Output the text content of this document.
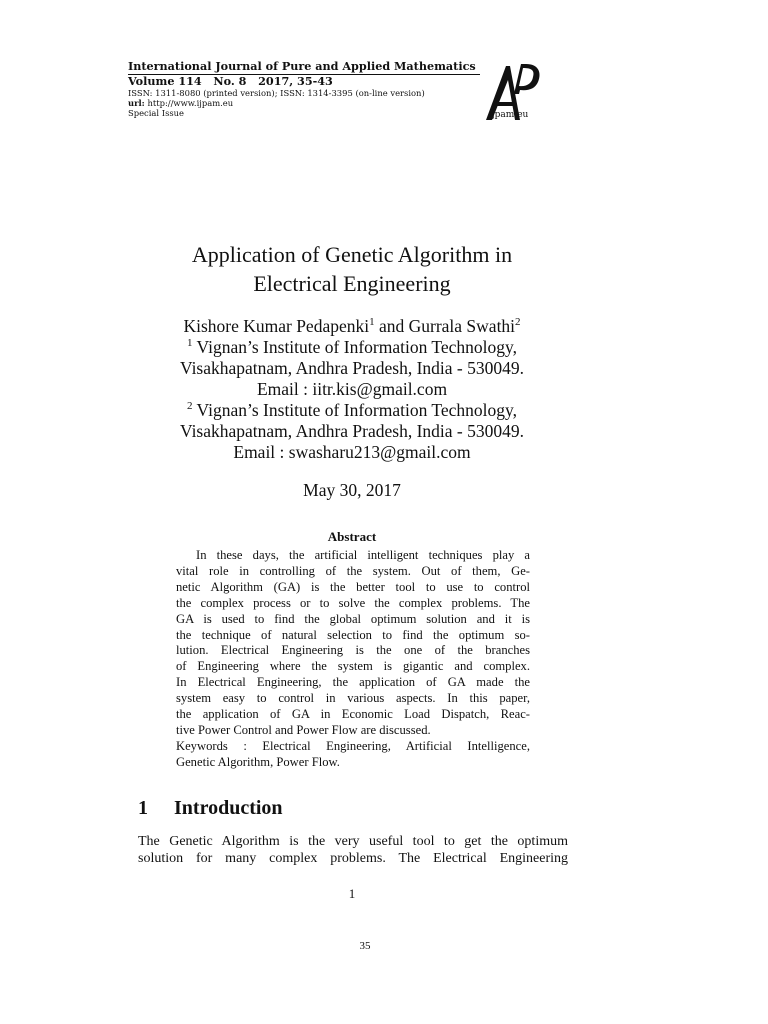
International Journal of Pure and Applied Mathematics
Volume 114   No. 8   2017, 35-43
ISSN: 1311-8080 (printed version); ISSN: 1314-3395 (on-line version)
url: http://www.ijpam.eu
Special Issue	ijpam.eu
Application of Genetic Algorithm in
Electrical Engineering
Kishore Kumar Pedapenki$^1$ and Gurrala Swathi$^2$
$^1$ Vignan’s Institute of Information Technology,
Visakhapatnam, Andhra Pradesh, India - 530049.
Email : iitr.kis@gmail.com
$^2$ Vignan’s Institute of Information Technology,
Visakhapatnam, Andhra Pradesh, India - 530049.
Email : swasharu213@gmail.com
May 30, 2017
Abstract
In these days, the artificial intelligent techniques play a
vital role in controlling of the system. Out of them, Ge-
netic Algorithm (GA) is the better tool to use to control
the complex process or to solve the complex problems. The
GA is used to find the global optimum solution and it is
the technique of natural selection to find the optimum so-
lution. Electrical Engineering is the one of the branches
of Engineering where the system is gigantic and complex.
In Electrical Engineering, the application of GA made the
system easy to control in various aspects. In this paper,
the application of GA in Economic Load Dispatch, Reac-
tive Power Control and Power Flow are discussed.
Keywords : Electrical Engineering, Artificial Intelligence,
Genetic Algorithm, Power Flow.
1 Introduction
The Genetic Algorithm is the very useful tool to get the optimum
solution for many complex problems. The Electrical Engineering
1
35
